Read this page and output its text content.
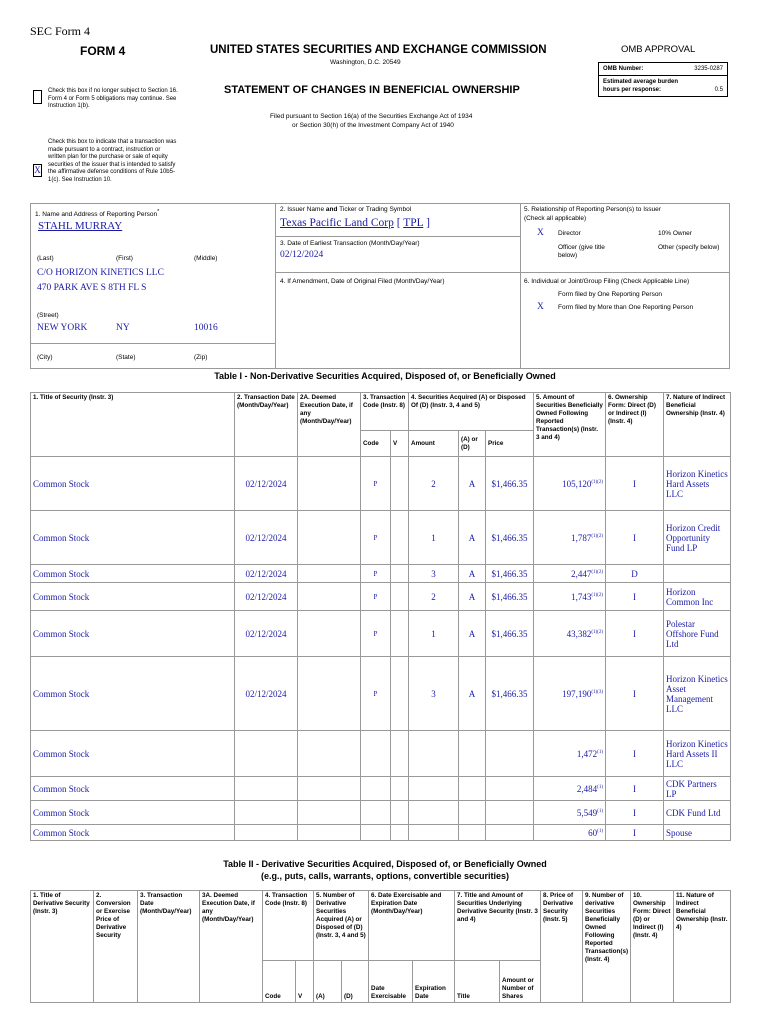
SEC Form 4
FORM 4	UNITED STATES SECURITIES AND EXCHANGE COMMISSION
Washington, D.C. 20549
STATEMENT OF CHANGES IN BENEFICIAL OWNERSHIP
Filed pursuant to Section 16(a) of the Securities Exchange Act of 1934
or Section 30(h) of the Investment Company Act of 1940
Check this box if no longer subject to Section 16. Form 4 or Form 5 obligations may continue. See Instruction 1(b).
X
Check this box to indicate that a transaction was made pursuant to a contract, instruction or written plan for the purchase or sale of equity securities of the issuer that is intended to satisfy the affirmative defense conditions of Rule 10b5-1(c). See Instruction 10.
OMB APPROVAL
OMB Number:	3235-0287
Estimated average burden
hours per response:	0.5
1. Name and Address of Reporting Person*
STAHL MURRAY
(Last)	(First)	(Middle)
C/O HORIZON KINETICS LLC
470 PARK AVE S 8TH FL S
(Street)
NEW YORK	NY	10016
(City)	(State)	(Zip)
2. Issuer Name and Ticker or Trading Symbol
Texas Pacific Land Corp [ TPL ]
3. Date of Earliest Transaction (Month/Day/Year)
02/12/2024
4. If Amendment, Date of Original Filed (Month/Day/Year)
5. Relationship of Reporting Person(s) to Issuer
(Check all applicable)
X Director	10% Owner
Officer (give title below)
Other (specify below)
6. Individual or Joint/Group Filing (Check Applicable Line)
Form filed by One Reporting Person
X Form filed by More than One Reporting Person
Table I - Non-Derivative Securities Acquired, Disposed of, or Beneficially Owned
1. Title of Security (Instr. 3)	2. Transaction Date (Month/Day/Year)	2A. Deemed Execution Date, if any (Month/Day/Year)	3. Transaction Code (Instr. 8)		4. Securities Acquired (A) or Disposed Of (D) (Instr. 3, 4 and 5)			5. Amount of Securities Beneficially Owned Following Reported Transaction(s) (Instr. 3 and 4)	6. Ownership Form: Direct (D) or Indirect (I) (Instr. 4)	7. Nature of Indirect Beneficial Ownership (Instr. 4)
			Code	V	Amount	(A) or (D)	Price			
Common Stock	02/12/2024		P		2	A	$1,466.35	$105,120^{(1)(2)}$	I	Horizon Kinetics Hard Assets LLC
Common Stock	02/12/2024		P		1	A	$1,466.35	$1,787^{(1)(2)}$	I	Horizon Credit Opportunity Fund LP
Common Stock	02/12/2024		P		3	A	$1,466.35	$2,447^{(1)(2)}$	D	
Common Stock	02/12/2024		P		2	A	$1,466.35	$1,743^{(1)(2)}$	I	Horizon Common Inc
Common Stock	02/12/2024		P		1	A	$1,466.35	$43,382^{(1)(2)}$	I	Polestar Offshore Fund Ltd
Common Stock	02/12/2024		P		3	A	$1,466.35	$197,190^{(1)(3)}$	I	Horizon Kinetics Asset Management LLC
Common Stock								1,472$^{(1)}$	I	Horizon Kinetics Hard Assets II LLC
Common Stock								2,484$^{(1)}$	I	CDK Partners LP
Common Stock								5,549$^{(1)}$	I	CDK Fund Ltd
Common Stock								60$^{(1)}$	I	Spouse
Table II - Derivative Securities Acquired, Disposed of, or Beneficially Owned
(e.g., puts, calls, warrants, options, convertible securities)
1. Title of Derivative Security (Instr. 3)	2. Conversion or Exercise Price of Derivative Security	3. Transaction Date (Month/Day/Year)	3A. Deemed Execution Date, if any (Month/Day/Year)	4. Transaction Code (Instr. 8)		5. Number of Derivative Securities Acquired (A) or Disposed of (D) (Instr. 3, 4 and 5)		6. Date Exercisable and Expiration Date (Month/Day/Year)		7. Title and Amount of Securities Underlying Derivative Security (Instr. 3 and 4)		8. Price of Derivative Security (Instr. 5)	9. Number of derivative Securities Beneficially Owned Following Reported Transaction(s) (Instr. 4)	10. Ownership Form: Direct (D) or Indirect (I) (Instr. 4)	11. Nature of Indirect Beneficial Ownership (Instr. 4)
				Code	V	(A)	(D)	Date Exercisable	Expiration Date	Title	Amount or Number of Shares				
